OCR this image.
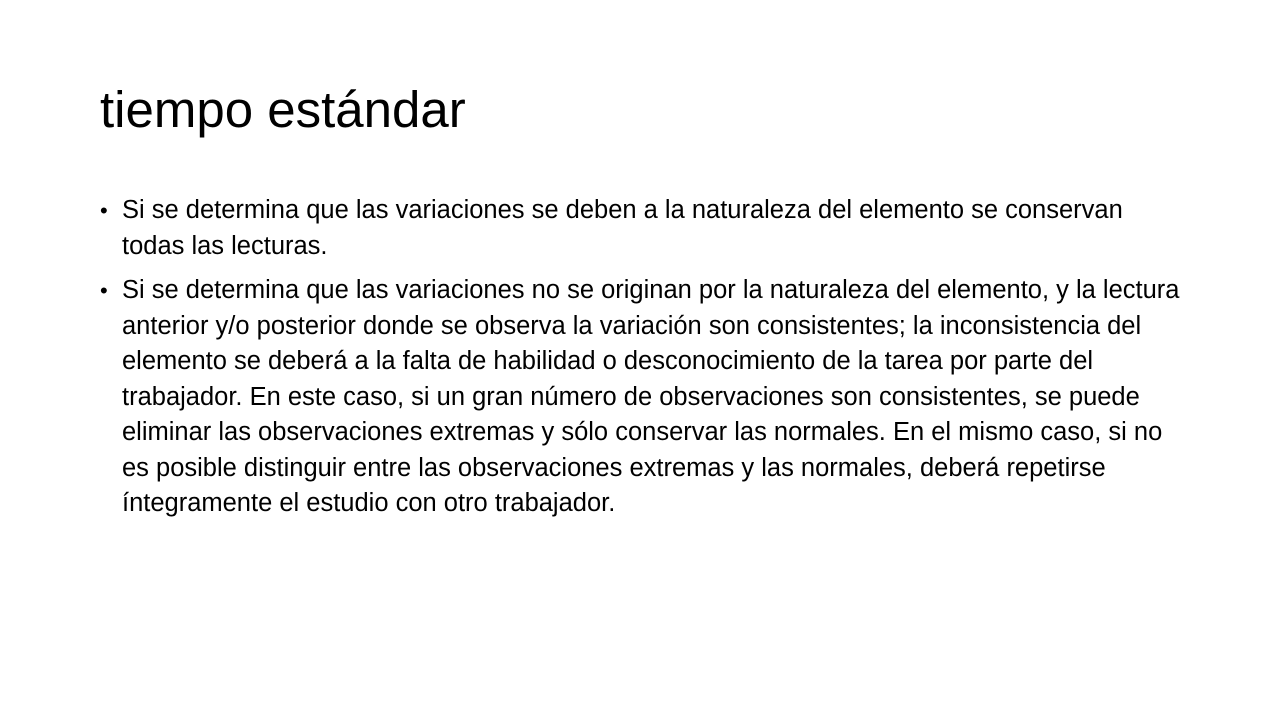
tiempo estándar
• Si se determina que las variaciones se deben a la naturaleza del elemento se conservan todas las lecturas.
• Si se determina que las variaciones no se originan por la naturaleza del elemento, y la lectura anterior y/o posterior donde se observa la variación son consistentes; la inconsistencia del elemento se deberá a la falta de habilidad o desconocimiento de la tarea por parte del trabajador. En este caso, si un gran número de observaciones son consistentes, se puede eliminar las observaciones extremas y sólo conservar las normales. En el mismo caso, si no es posible distinguir entre las observaciones extremas y las normales, deberá repetirse íntegramente el estudio con otro trabajador.
